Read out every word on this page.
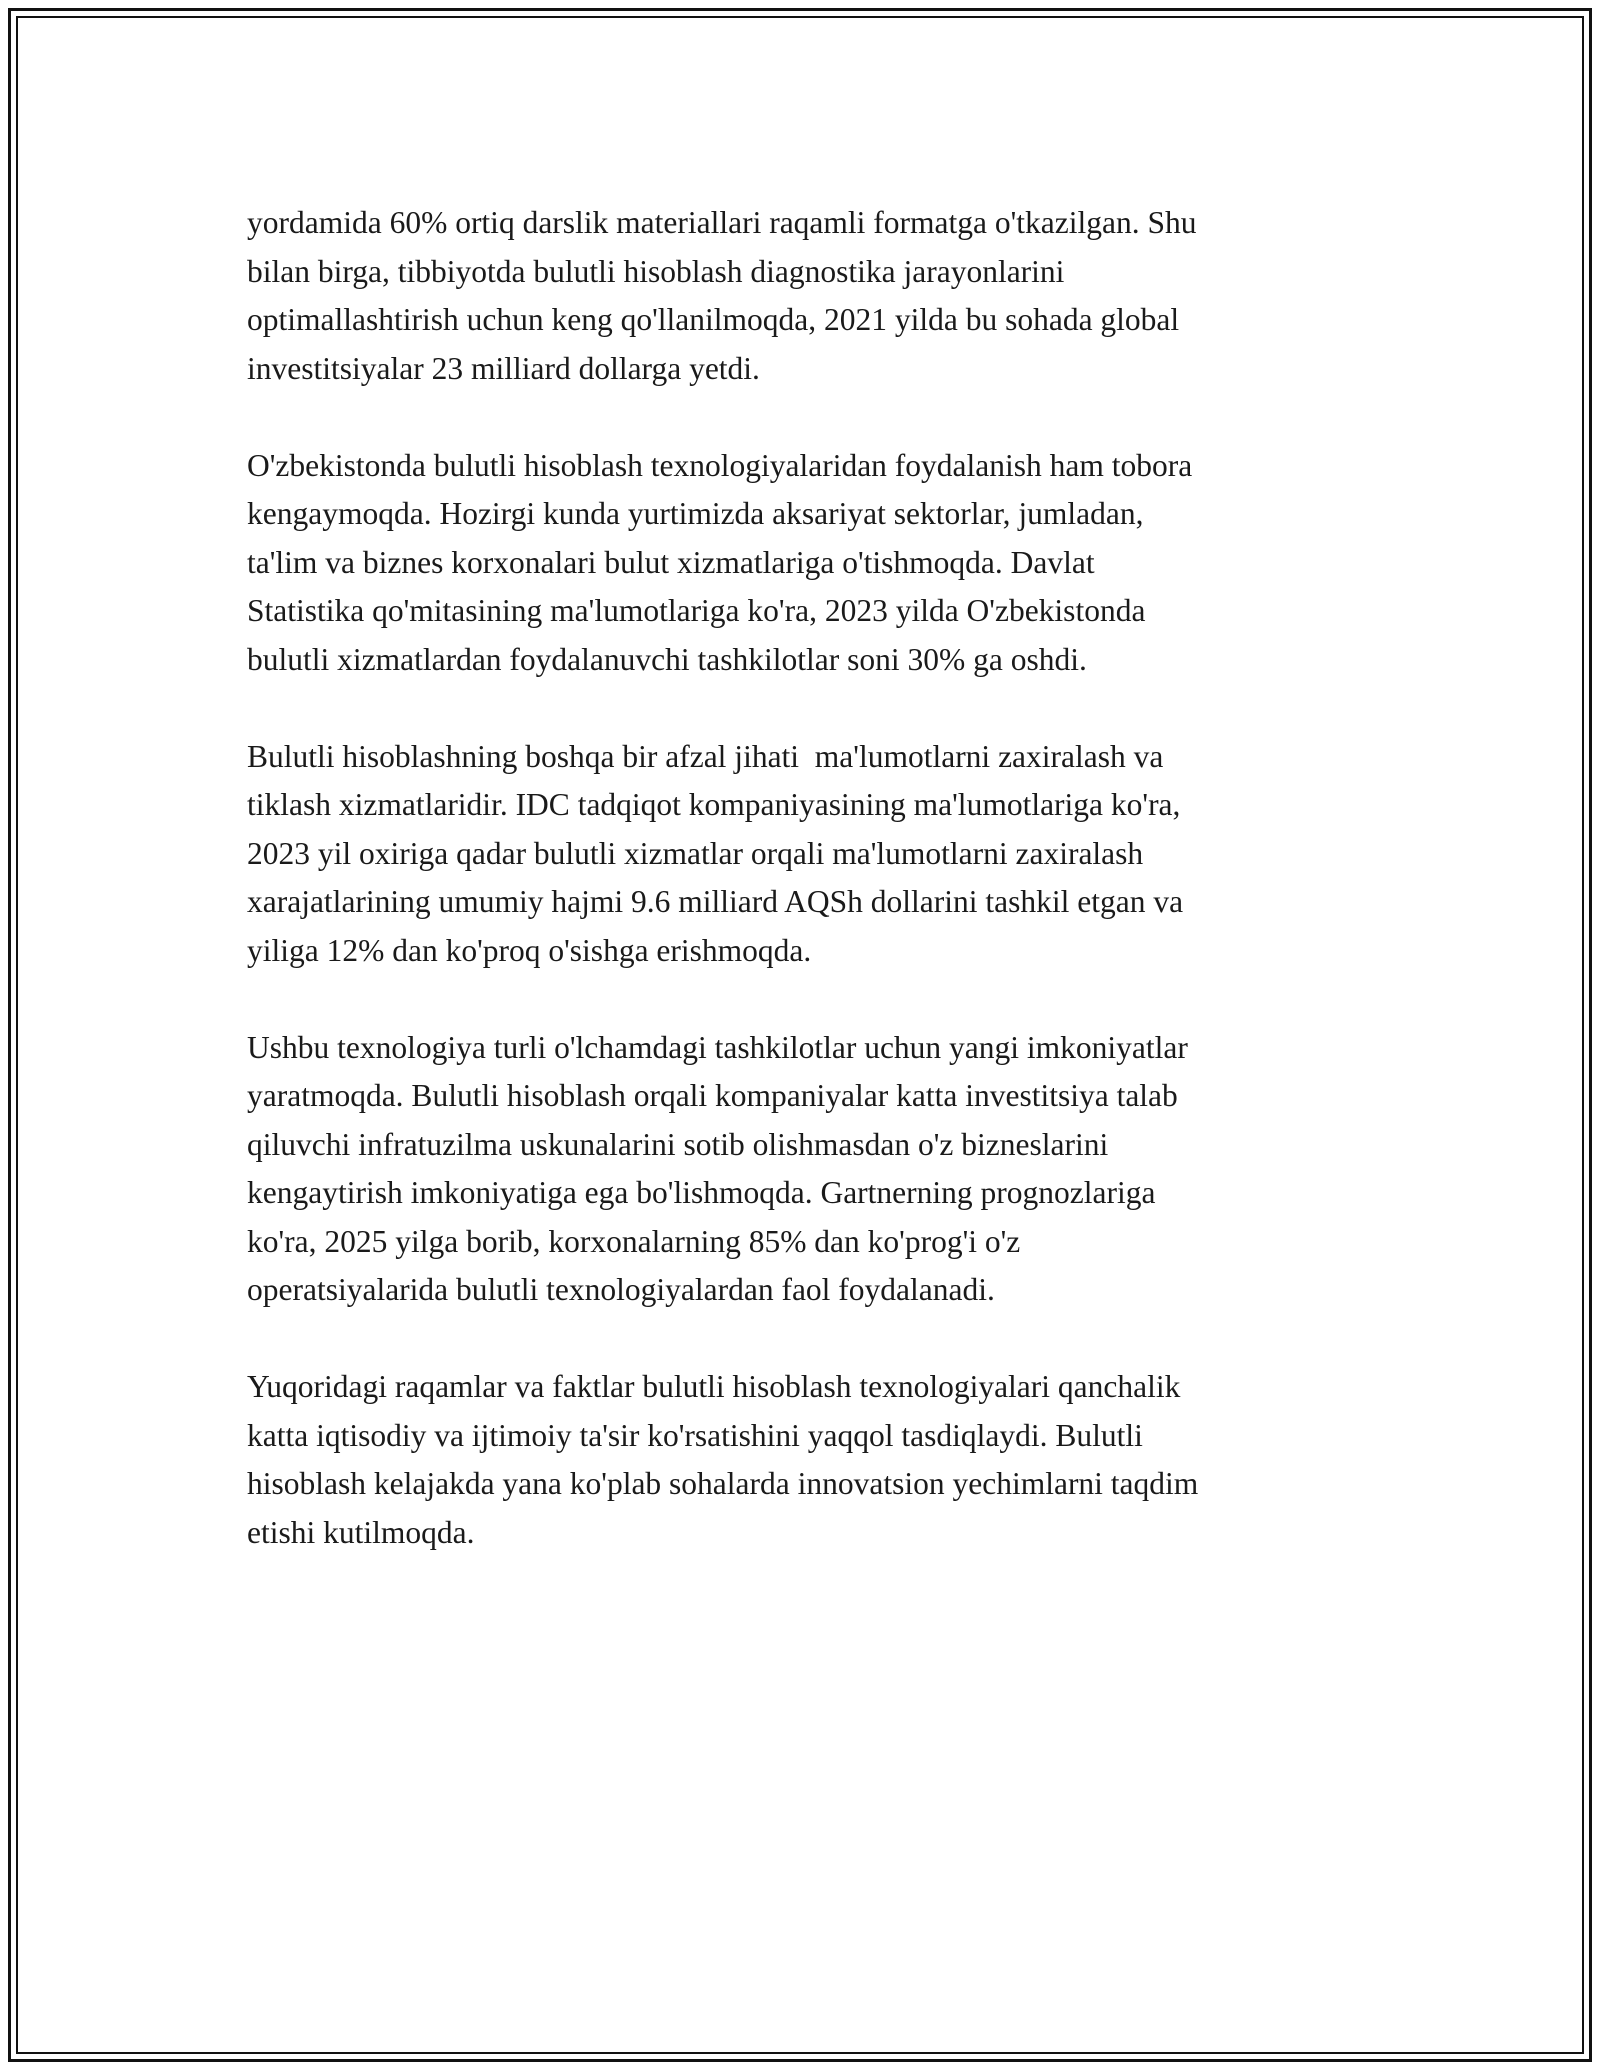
yordamida 60% ortiq darslik materiallari raqamli formatga o'tkazilgan. Shu
bilan birga, tibbiyotda bulutli hisoblash diagnostika jarayonlarini
optimallashtirish uchun keng qo'llanilmoqda, 2021 yilda bu sohada global
investitsiyalar 23 milliard dollarga yetdi.

O'zbekistonda bulutli hisoblash texnologiyalaridan foydalanish ham tobora
kengaymoqda. Hozirgi kunda yurtimizda aksariyat sektorlar, jumladan,
ta'lim va biznes korxonalari bulut xizmatlariga o'tishmoqda. Davlat
Statistika qo'mitasining ma'lumotlariga ko'ra, 2023 yilda O'zbekistonda
bulutli xizmatlardan foydalanuvchi tashkilotlar soni 30% ga oshdi.

Bulutli hisoblashning boshqa bir afzal jihati  ma'lumotlarni zaxiralash va
tiklash xizmatlaridir. IDC tadqiqot kompaniyasining ma'lumotlariga ko'ra,
2023 yil oxiriga qadar bulutli xizmatlar orqali ma'lumotlarni zaxiralash
xarajatlarining umumiy hajmi 9.6 milliard AQSh dollarini tashkil etgan va
yiliga 12% dan ko'proq o'sishga erishmoqda.

Ushbu texnologiya turli o'lchamdagi tashkilotlar uchun yangi imkoniyatlar
yaratmoqda. Bulutli hisoblash orqali kompaniyalar katta investitsiya talab
qiluvchi infratuzilma uskunalarini sotib olishmasdan o'z bizneslarini
kengaytirish imkoniyatiga ega bo'lishmoqda. Gartnerning prognozlariga
ko'ra, 2025 yilga borib, korxonalarning 85% dan ko'prog'i o'z
operatsiyalarida bulutli texnologiyalardan faol foydalanadi.

Yuqoridagi raqamlar va faktlar bulutli hisoblash texnologiyalari qanchalik
katta iqtisodiy va ijtimoiy ta'sir ko'rsatishini yaqqol tasdiqlaydi. Bulutli
hisoblash kelajakda yana ko'plab sohalarda innovatsion yechimlarni taqdim
etishi kutilmoqda.
